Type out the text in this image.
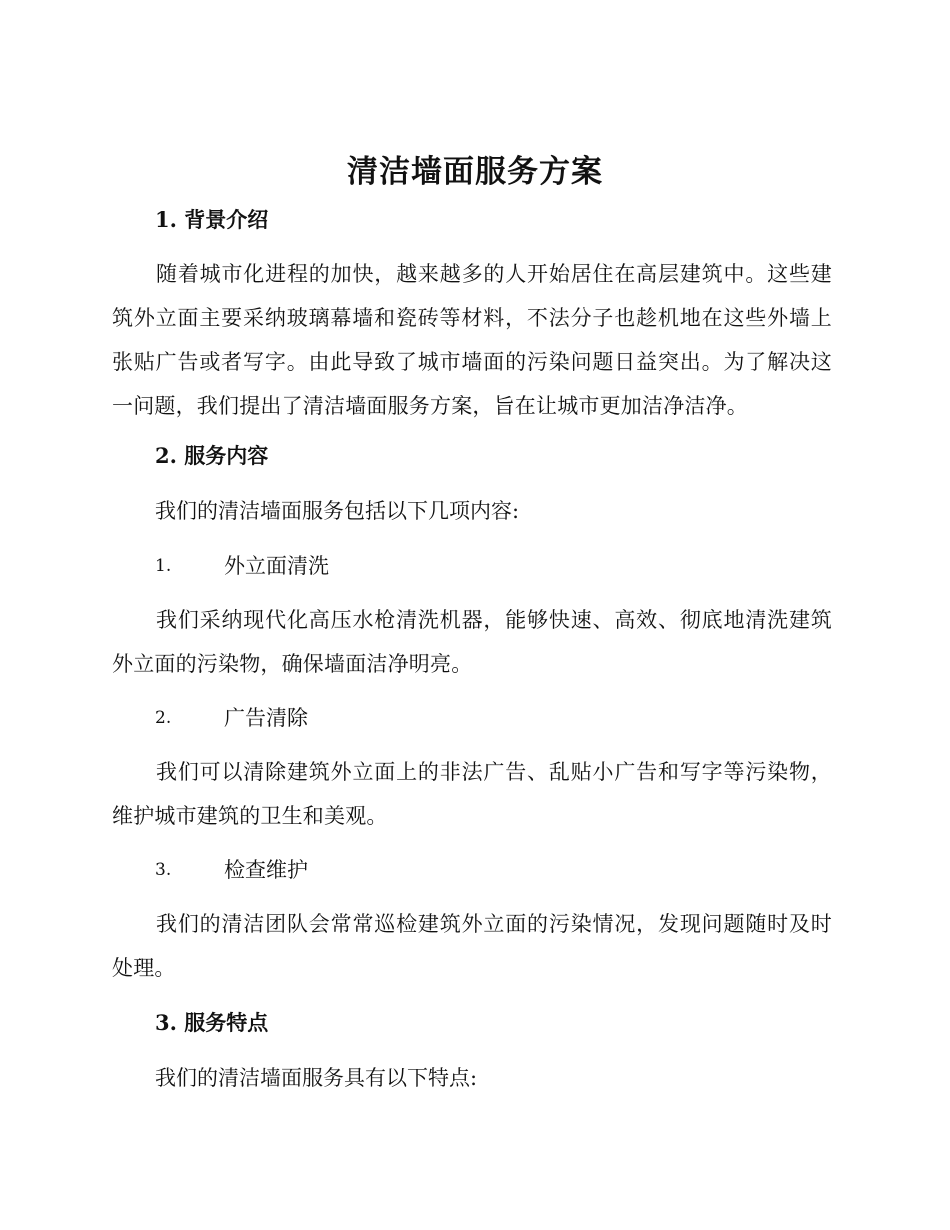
清洁墙面服务方案
1. 背景介绍
随着城市化进程的加快，越来越多的人开始居住在高层建筑中。这些建筑外立面主要采纳玻璃幕墙和瓷砖等材料，不法分子也趁机地在这些外墙上张贴广告或者写字。由此导致了城市墙面的污染问题日益突出。为了解决这一问题，我们提出了清洁墙面服务方案，旨在让城市更加洁净洁净。
2. 服务内容
我们的清洁墙面服务包括以下几项内容:
1.	外立面清洗
我们采纳现代化高压水枪清洗机器，能够快速、高效、彻底地清洗建筑外立面的污染物，确保墙面洁净明亮。
2.	广告清除
我们可以清除建筑外立面上的非法广告、乱贴小广告和写字等污染物，维护城市建筑的卫生和美观。
3.	检查维护
我们的清洁团队会常常巡检建筑外立面的污染情况，发现问题随时及时处理。
3. 服务特点
我们的清洁墙面服务具有以下特点:
